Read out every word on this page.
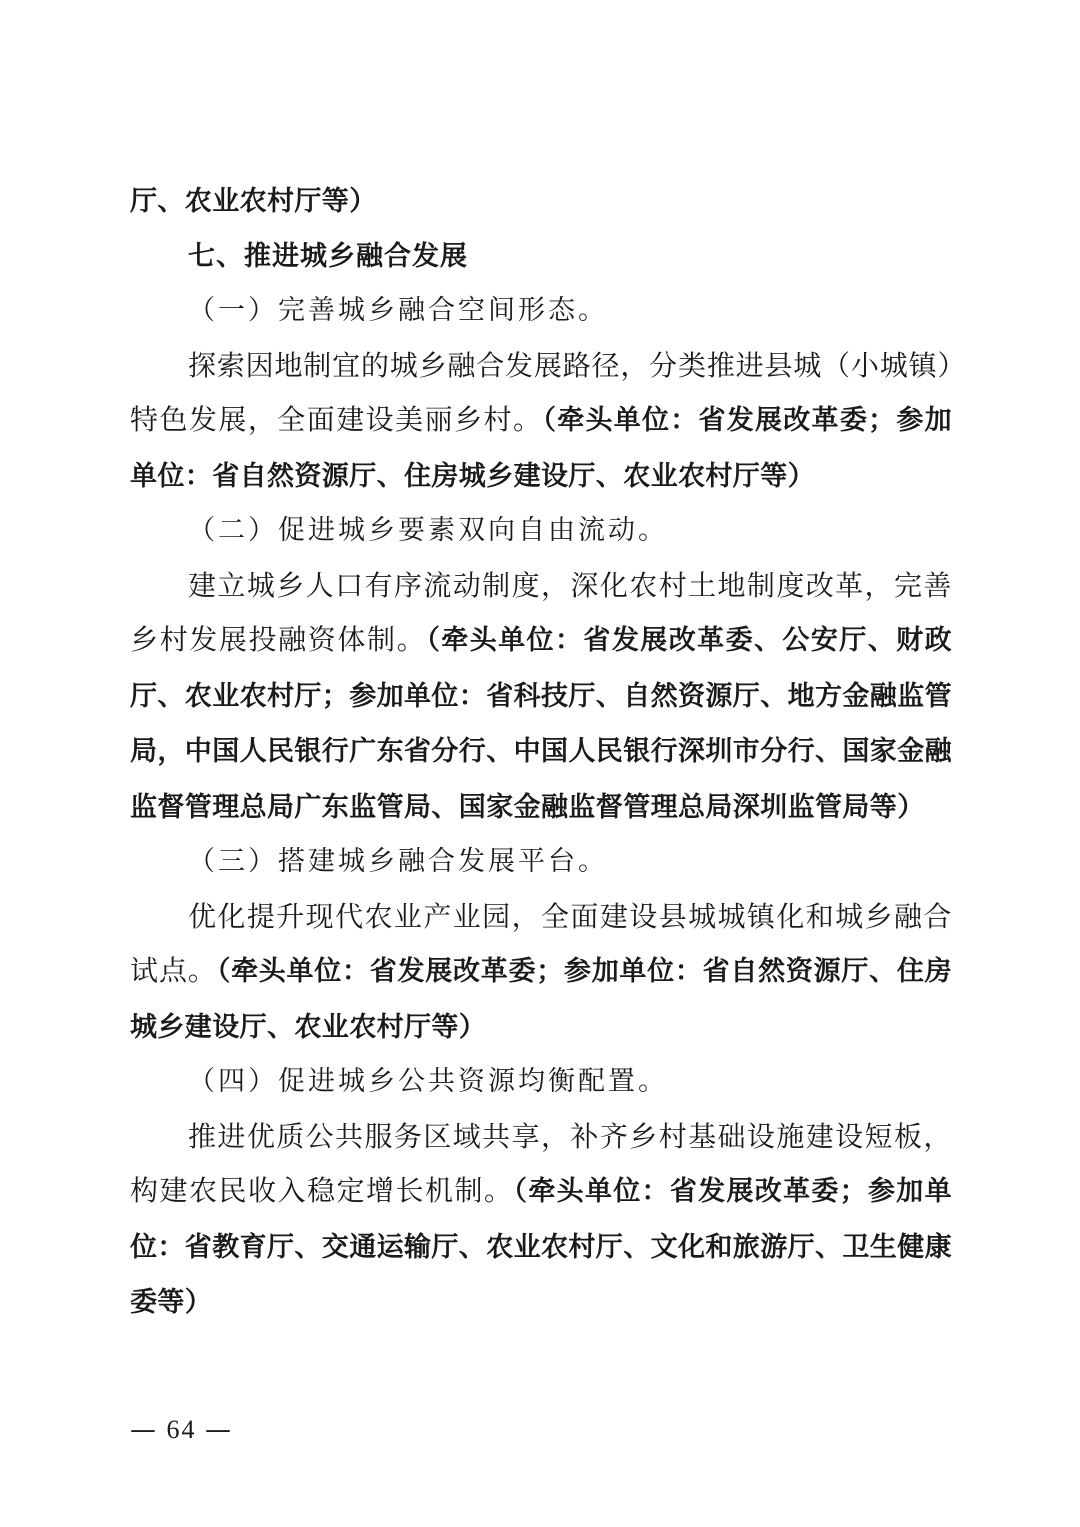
厅、农业农村厅等）

七、推进城乡融合发展

（一）完善城乡融合空间形态。

探索因地制宜的城乡融合发展路径，分类推进县城（小城镇）特色发展，全面建设美丽乡村。（牵头单位：省发展改革委；参加单位：省自然资源厅、住房城乡建设厅、农业农村厅等）

（二）促进城乡要素双向自由流动。

建立城乡人口有序流动制度，深化农村土地制度改革，完善乡村发展投融资体制。（牵头单位：省发展改革委、公安厅、财政厅、农业农村厅；参加单位：省科技厅、自然资源厅、地方金融监管局，中国人民银行广东省分行、中国人民银行深圳市分行、国家金融监督管理总局广东监管局、国家金融监督管理总局深圳监管局等）

（三）搭建城乡融合发展平台。

优化提升现代农业产业园，全面建设县城城镇化和城乡融合试点。（牵头单位：省发展改革委；参加单位：省自然资源厅、住房城乡建设厅、农业农村厅等）

（四）促进城乡公共资源均衡配置。

推进优质公共服务区域共享，补齐乡村基础设施建设短板，构建农民收入稳定增长机制。（牵头单位：省发展改革委；参加单位：省教育厅、交通运输厅、农业农村厅、文化和旅游厅、卫生健康委等）

— 64 —
